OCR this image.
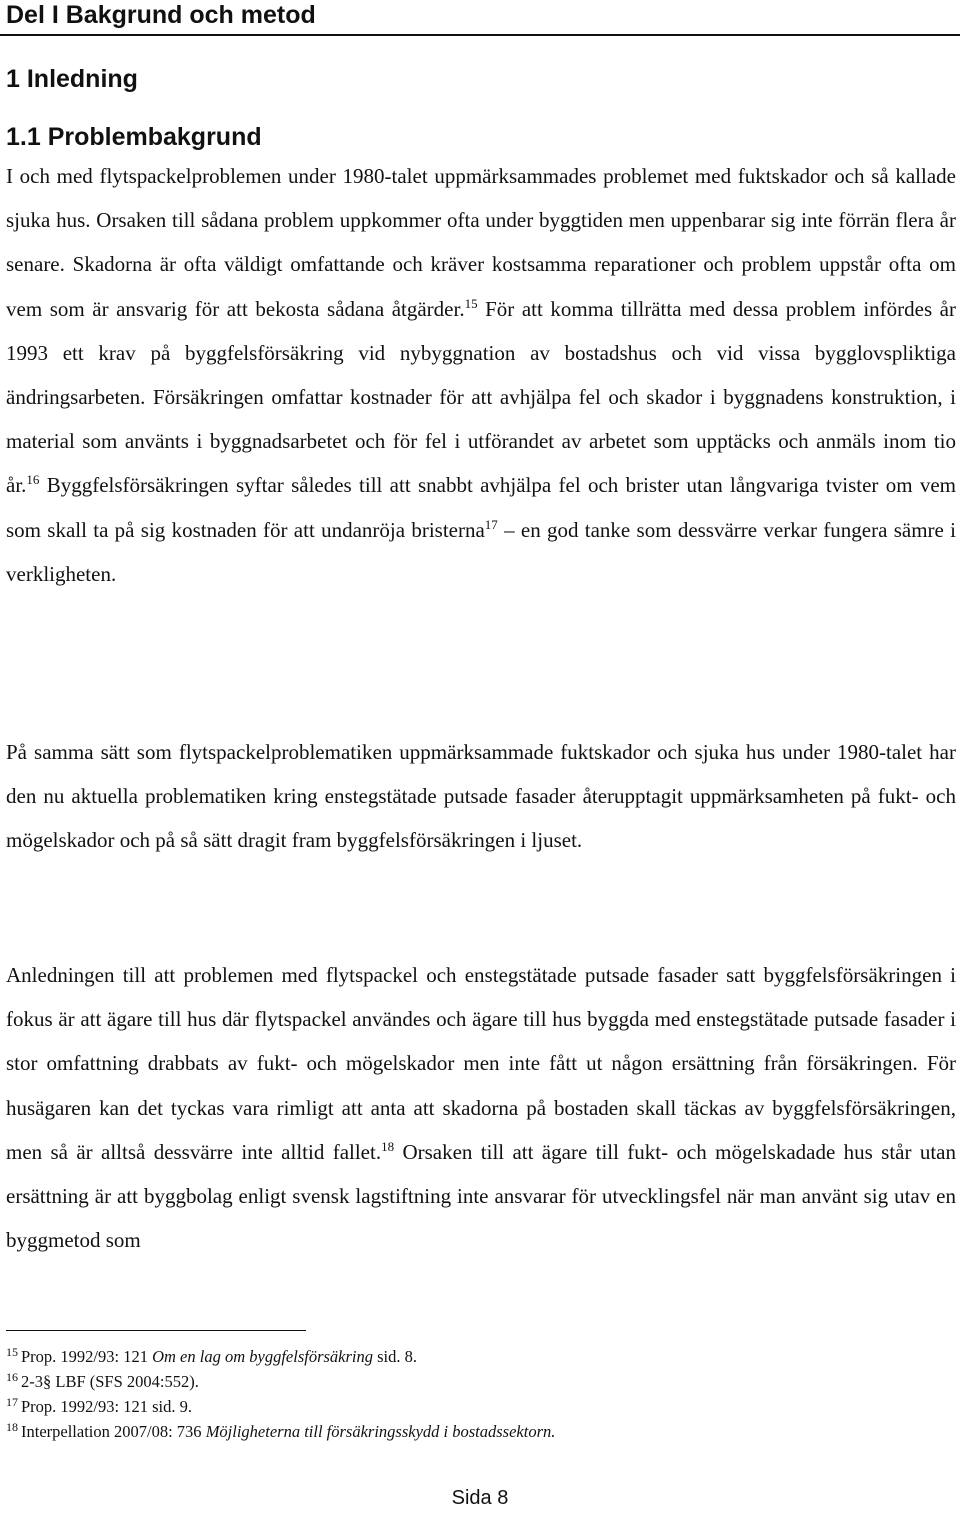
Del I Bakgrund och metod
1 Inledning
1.1 Problembakgrund

I och med flytspackelproblemen under 1980-talet uppmärksammades problemet med fuktskador och så kallade sjuka hus. Orsaken till sådana problem uppkommer ofta under byggtiden men uppenbarar sig inte förrän flera år senare. Skadorna är ofta väldigt omfattande och kräver kostsamma reparationer och problem uppstår ofta om vem som är ansvarig för att bekosta sådana åtgärder.$^{15}$ För att komma tillrätta med dessa problem infördes år 1993 ett krav på byggfelsförsäkring vid nybyggnation av bostadshus och vid vissa bygglovspliktiga ändringsarbeten. Försäkringen omfattar kostnader för att avhjälpa fel och skador i byggnadens konstruktion, i material som använts i byggnadsarbetet och för fel i utförandet av arbetet som upptäcks och anmäls inom tio år.$^{16}$ Byggfelsförsäkringen syftar således till att snabbt avhjälpa fel och brister utan långvariga tvister om vem som skall ta på sig kostnaden för att undanröja bristerna$^{17}$ – en god tanke som dessvärre verkar fungera sämre i verkligheten.

På samma sätt som flytspackelproblematiken uppmärksammade fuktskador och sjuka hus under 1980-talet har den nu aktuella problematiken kring enstegstätade putsade fasader återupptagit uppmärksamheten på fukt- och mögelskador och på så sätt dragit fram byggfelsförsäkringen i ljuset.

Anledningen till att problemen med flytspackel och enstegstätade putsade fasader satt byggfelsförsäkringen i fokus är att ägare till hus där flytspackel användes och ägare till hus byggda med enstegstätade putsade fasader i stor omfattning drabbats av fukt- och mögelskador men inte fått ut någon ersättning från försäkringen. För husägaren kan det tyckas vara rimligt att anta att skadorna på bostaden skall täckas av byggfelsförsäkringen, men så är alltså dessvärre inte alltid fallet.$^{18}$ Orsaken till att ägare till fukt- och mögelskadade hus står utan ersättning är att byggbolag enligt svensk lagstiftning inte ansvarar för utvecklingsfel när man använt sig utav en byggmetod som

$^{15}$ Prop. 1992/93: 121 Om en lag om byggfelsförsäkring sid. 8.
$^{16}$ 2-3§ LBF (SFS 2004:552).
$^{17}$ Prop. 1992/93: 121 sid. 9.
$^{18}$ Interpellation 2007/08: 736 Möjligheterna till försäkringsskydd i bostadssektorn.
Sida 8
